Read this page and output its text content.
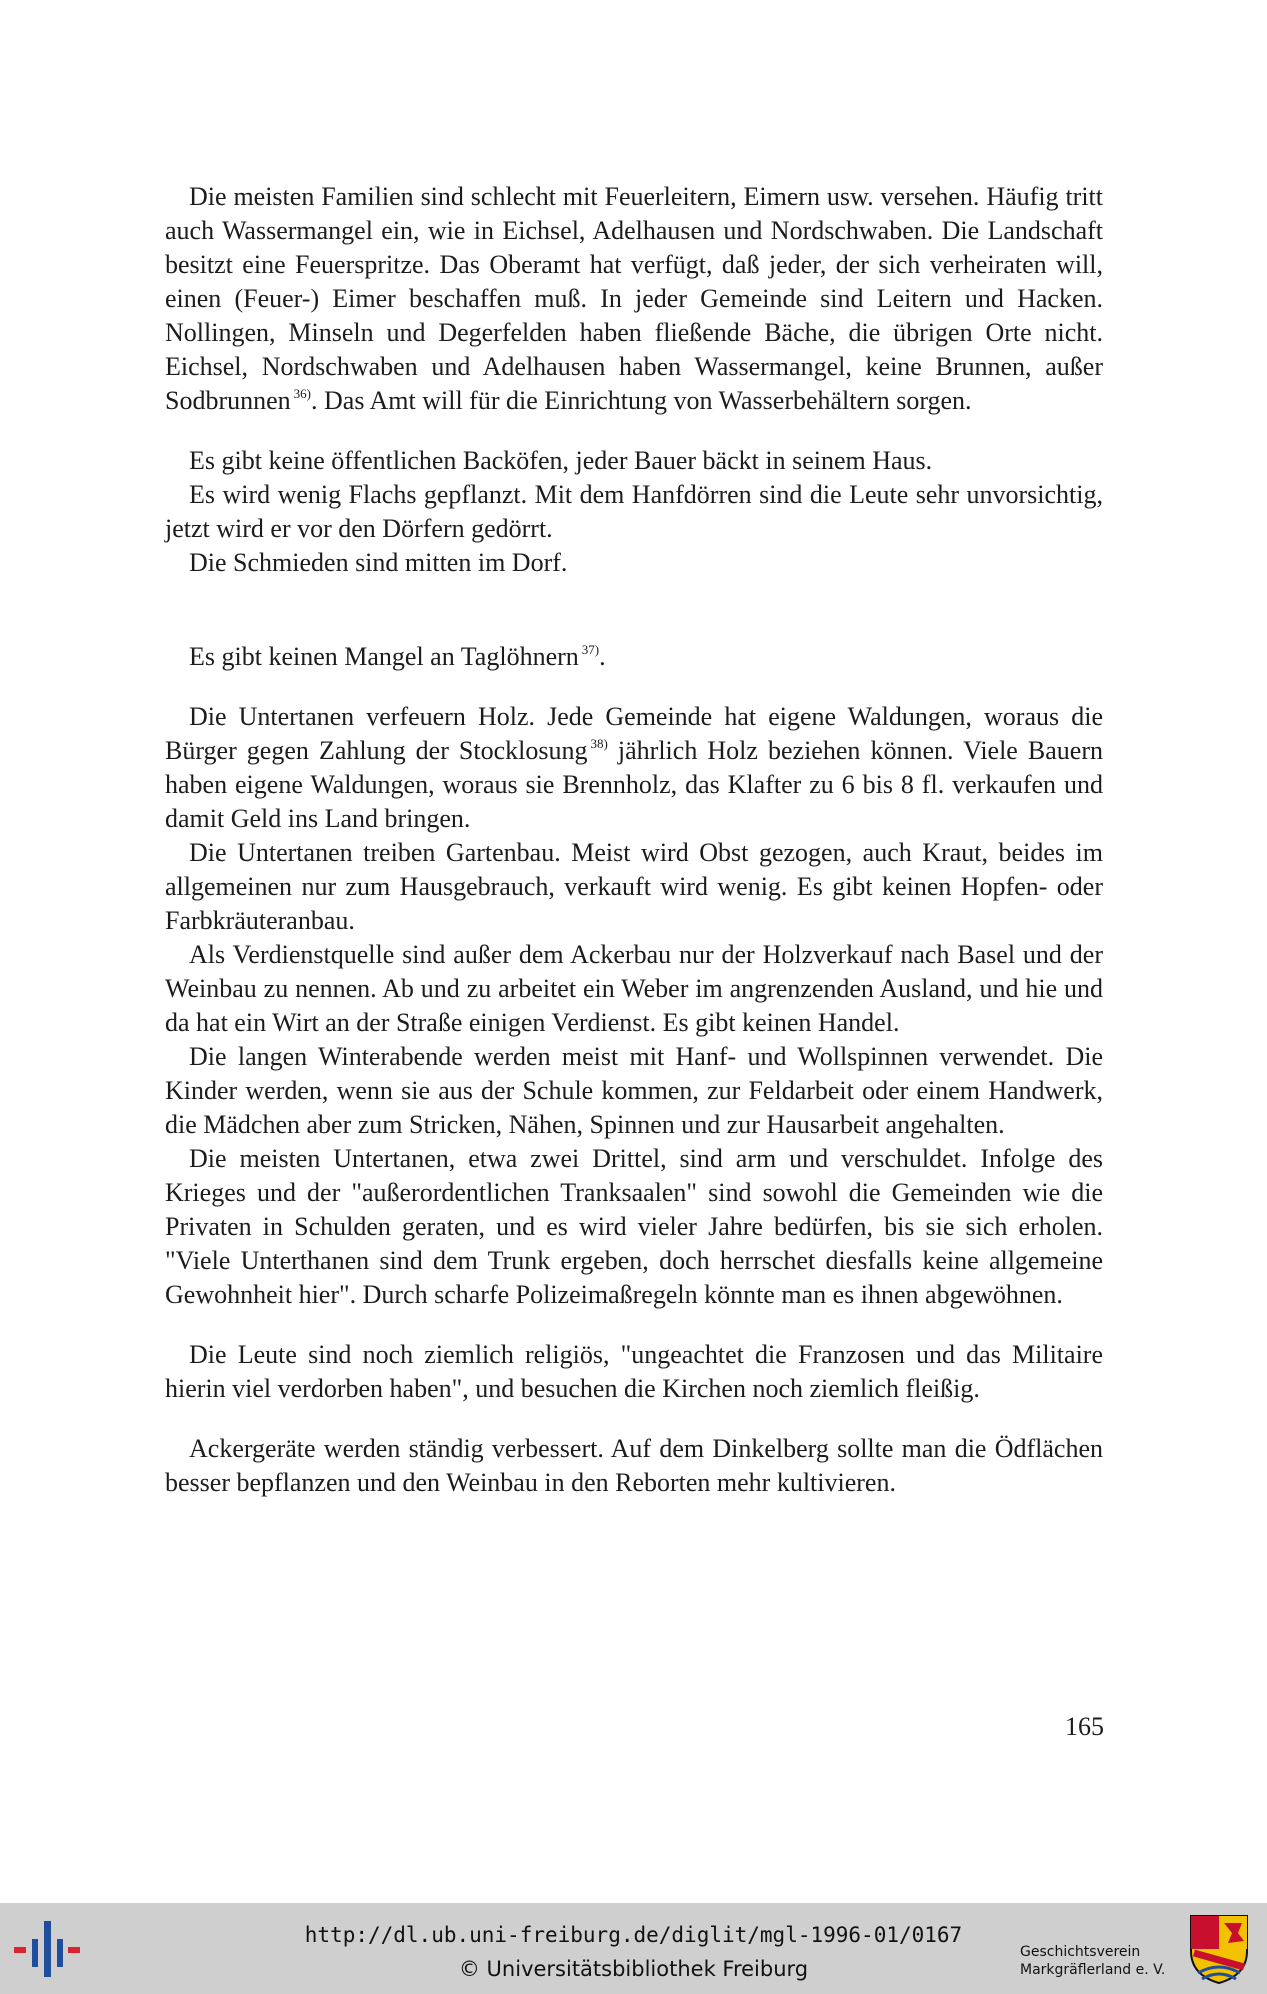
Die meisten Familien sind schlecht mit Feuerleitern, Eimern usw. versehen. Häufig tritt auch Wassermangel ein, wie in Eichsel, Adelhausen und Nordschwaben. Die Landschaft besitzt eine Feuerspritze. Das Oberamt hat verfügt, daß jeder, der sich verheiraten will, einen (Feuer-) Eimer beschaffen muß. In jeder Gemeinde sind Leitern und Hacken. Nollingen, Minseln und Degerfelden haben fließende Bäche, die übrigen Orte nicht. Eichsel, Nordschwaben und Adelhausen haben Wassermangel, keine Brunnen, außer Sodbrunnen $^{36)}$. Das Amt will für die Einrichtung von Wasserbehältern sorgen.

Es gibt keine öffentlichen Backöfen, jeder Bauer bäckt in seinem Haus.

Es wird wenig Flachs gepflanzt. Mit dem Hanfdörren sind die Leute sehr unvorsichtig, jetzt wird er vor den Dörfern gedörrt.

Die Schmieden sind mitten im Dorf.

Es gibt keinen Mangel an Taglöhnern $^{37)}$.

Die Untertanen verfeuern Holz. Jede Gemeinde hat eigene Waldungen, woraus die Bürger gegen Zahlung der Stocklosung $^{38)}$ jährlich Holz beziehen können. Viele Bauern haben eigene Waldungen, woraus sie Brennholz, das Klafter zu 6 bis 8 fl. verkaufen und damit Geld ins Land bringen.

Die Untertanen treiben Gartenbau. Meist wird Obst gezogen, auch Kraut, beides im allgemeinen nur zum Hausgebrauch, verkauft wird wenig. Es gibt keinen Hopfen- oder Farbkräuteranbau.

Als Verdienstquelle sind außer dem Ackerbau nur der Holzverkauf nach Basel und der Weinbau zu nennen. Ab und zu arbeitet ein Weber im angrenzenden Ausland, und hie und da hat ein Wirt an der Straße einigen Verdienst. Es gibt keinen Handel.

Die langen Winterabende werden meist mit Hanf- und Wollspinnen verwendet. Die Kinder werden, wenn sie aus der Schule kommen, zur Feldarbeit oder einem Handwerk, die Mädchen aber zum Stricken, Nähen, Spinnen und zur Hausarbeit angehalten.

Die meisten Untertanen, etwa zwei Drittel, sind arm und verschuldet. Infolge des Krieges und der "außerordentlichen Tranksaalen" sind sowohl die Gemeinden wie die Privaten in Schulden geraten, und es wird vieler Jahre bedürfen, bis sie sich erholen. "Viele Unterthanen sind dem Trunk ergeben, doch herrschet diesfalls keine allgemeine Gewohnheit hier". Durch scharfe Polizeimaßregeln könnte man es ihnen abgewöhnen.

Die Leute sind noch ziemlich religiös, "ungeachtet die Franzosen und das Militaire hierin viel verdorben haben", und besuchen die Kirchen noch ziemlich fleißig.

Ackergeräte werden ständig verbessert. Auf dem Dinkelberg sollte man die Ödflächen besser bepflanzen und den Weinbau in den Reborten mehr kultivieren.

165
http://dl.ub.uni-freiburg.de/diglit/mgl-1996-01/0167
© Universitätsbibliothek Freiburg
Geschichtsverein
Markgräflerland e. V.
